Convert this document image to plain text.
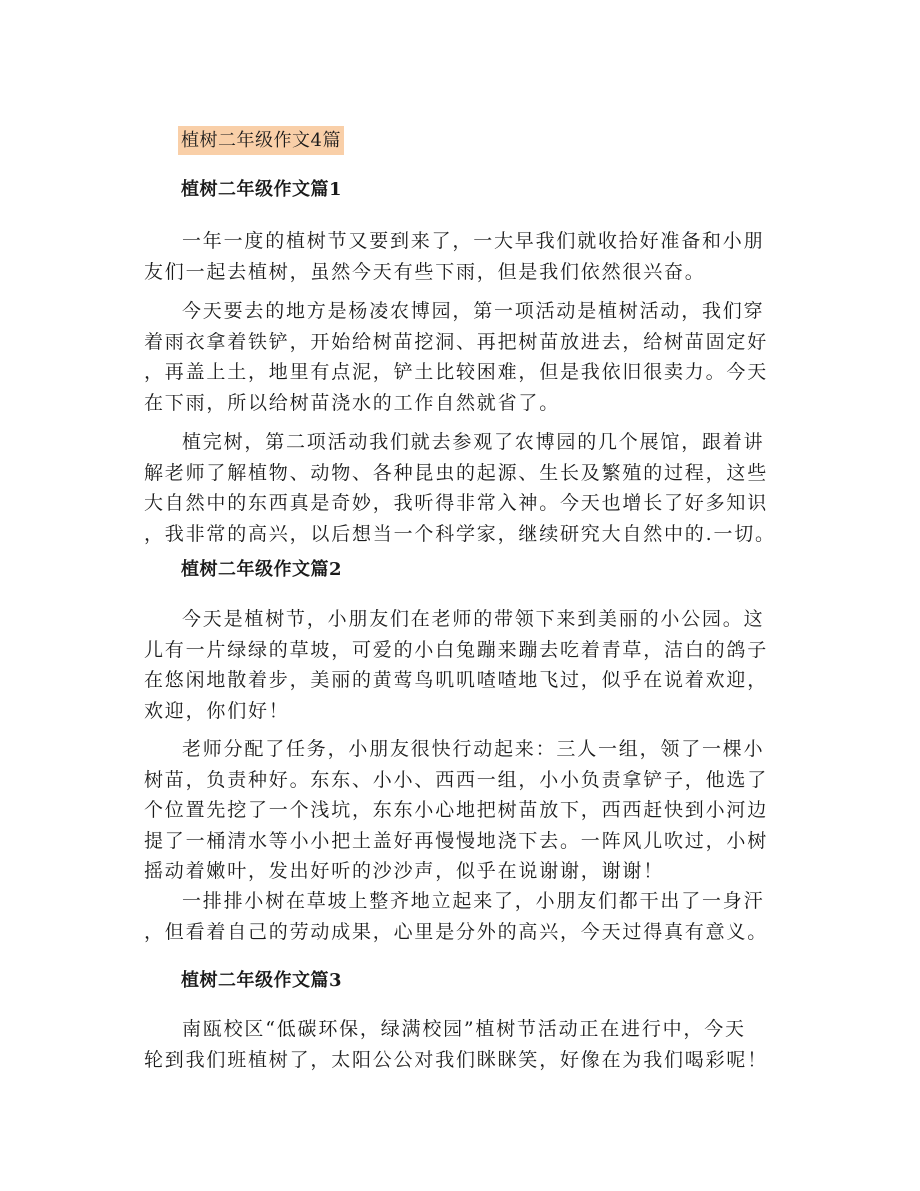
植树二年级作文4篇
植树二年级作文篇1

一年一度的植树节又要到来了，一大早我们就收拾好准备和小朋
友们一起去植树，虽然今天有些下雨，但是我们依然很兴奋。

今天要去的地方是杨凌农博园，第一项活动是植树活动，我们穿
着雨衣拿着铁铲，开始给树苗挖洞、再把树苗放进去，给树苗固定好
，再盖上土，地里有点泥，铲土比较困难，但是我依旧很卖力。今天
在下雨，所以给树苗浇水的工作自然就省了。

植完树，第二项活动我们就去参观了农博园的几个展馆，跟着讲
解老师了解植物、动物、各种昆虫的起源、生长及繁殖的过程，这些
大自然中的东西真是奇妙，我听得非常入神。今天也增长了好多知识
，我非常的高兴，以后想当一个科学家，继续研究大自然中的.一切。

植树二年级作文篇2

今天是植树节，小朋友们在老师的带领下来到美丽的小公园。这
儿有一片绿绿的草坡，可爱的小白兔蹦来蹦去吃着青草，洁白的鸽子
在悠闲地散着步，美丽的黄莺鸟叽叽喳喳地飞过，似乎在说着欢迎，
欢迎，你们好！

老师分配了任务，小朋友很快行动起来：三人一组，领了一棵小
树苗，负责种好。东东、小小、西西一组，小小负责拿铲子，他选了
个位置先挖了一个浅坑，东东小心地把树苗放下，西西赶快到小河边
提了一桶清水等小小把土盖好再慢慢地浇下去。一阵风儿吹过，小树
摇动着嫩叶，发出好听的沙沙声，似乎在说谢谢，谢谢！

一排排小树在草坡上整齐地立起来了，小朋友们都干出了一身汗
，但看着自己的劳动成果，心里是分外的高兴，今天过得真有意义。

植树二年级作文篇3

南瓯校区“低碳环保，绿满校园”植树节活动正在进行中，今天
轮到我们班植树了，太阳公公对我们眯眯笑，好像在为我们喝彩呢！
